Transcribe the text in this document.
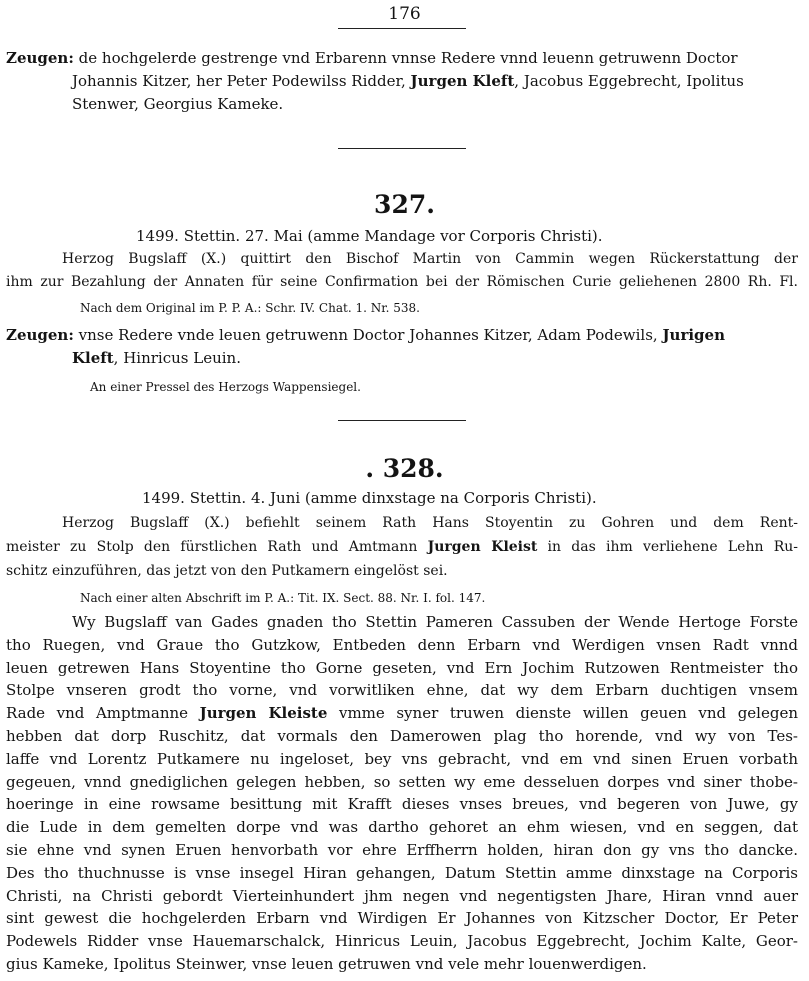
176
Zeugen: de hochgelerde gestrenge vnd Erbarenn vnnse Redere vnnd leuenn getruwenn Doctor
Johannis Kitzer, her Peter Podewilss Ridder, Jurgen Kleft, Jacobus Eggebrecht, Ipolitus
Stenwer, Georgius Kameke.
327.
1499. Stettin. 27. Mai (amme Mandage vor Corporis Christi).
Herzog Bugslaff (X.) quittirt den Bischof Martin von Cammin wegen Rückerstattung der
ihm zur Bezahlung der Annaten für seine Confirmation bei der Römischen Curie geliehenen 2800 Rh. Fl.
Nach dem Original im P. P. A.: Schr. IV. Chat. 1. Nr. 538.
Zeugen: vnse Redere vnde leuen getruwenn Doctor Johannes Kitzer, Adam Podewils, Jurigen
Kleft, Hinricus Leuin.
An einer Pressel des Herzogs Wappensiegel.
. 328.
1499. Stettin. 4. Juni (amme dinxstage na Corporis Christi).
Herzog Bugslaff (X.) befiehlt seinem Rath Hans Stoyentin zu Gohren und dem Rent-
meister zu Stolp den fürstlichen Rath und Amtmann Jurgen Kleist in das ihm verliehene Lehn Ru-
schitz einzuführen, das jetzt von den Putkamern eingelöst sei.
Nach einer alten Abschrift im P. A.: Tit. IX. Sect. 88. Nr. I. fol. 147.
Wy Bugslaff van Gades gnaden tho Stettin Pameren Cassuben der Wende Hertoge Forste
tho Ruegen, vnd Graue tho Gutzkow, Entbeden denn Erbarn vnd Werdigen vnsen Radt vnnd
leuen getrewen Hans Stoyentine tho Gorne geseten, vnd Ern Jochim Rutzowen Rentmeister tho
Stolpe vnseren grodt tho vorne, vnd vorwitliken ehne, dat wy dem Erbarn duchtigen vnsem
Rade vnd Amptmanne Jurgen Kleiste vmme syner truwen dienste willen geuen vnd gelegen
hebben dat dorp Ruschitz, dat vormals den Damerowen plag tho horende, vnd wy von Tes-
laffe vnd Lorentz Putkamere nu ingeloset, bey vns gebracht, vnd em vnd sinen Eruen vorbath
gegeuen, vnnd gnediglichen gelegen hebben, so setten wy eme desseluen dorpes vnd siner thobe-
hoeringe in eine rowsame besittung mit Krafft dieses vnses breues, vnd begeren von Juwe, gy
die Lude in dem gemelten dorpe vnd was dartho gehoret an ehm wiesen, vnd en seggen, dat
sie ehne vnd synen Eruen henvorbath vor ehre Erffherrn holden, hiran don gy vns tho dancke.
Des tho thuchnusse is vnse insegel Hiran gehangen, Datum Stettin amme dinxstage na Corporis
Christi, na Christi gebordt Vierteinhundert jhm negen vnd negentigsten Jhare, Hiran vnnd auer
sint gewest die hochgelerden Erbarn vnd Wirdigen Er Johannes von Kitzscher Doctor, Er Peter
Podewels Ridder vnse Hauemarschalck, Hinricus Leuin, Jacobus Eggebrecht, Jochim Kalte, Geor-
gius Kameke, Ipolitus Steinwer, vnse leuen getruwen vnd vele mehr louenwerdigen.
